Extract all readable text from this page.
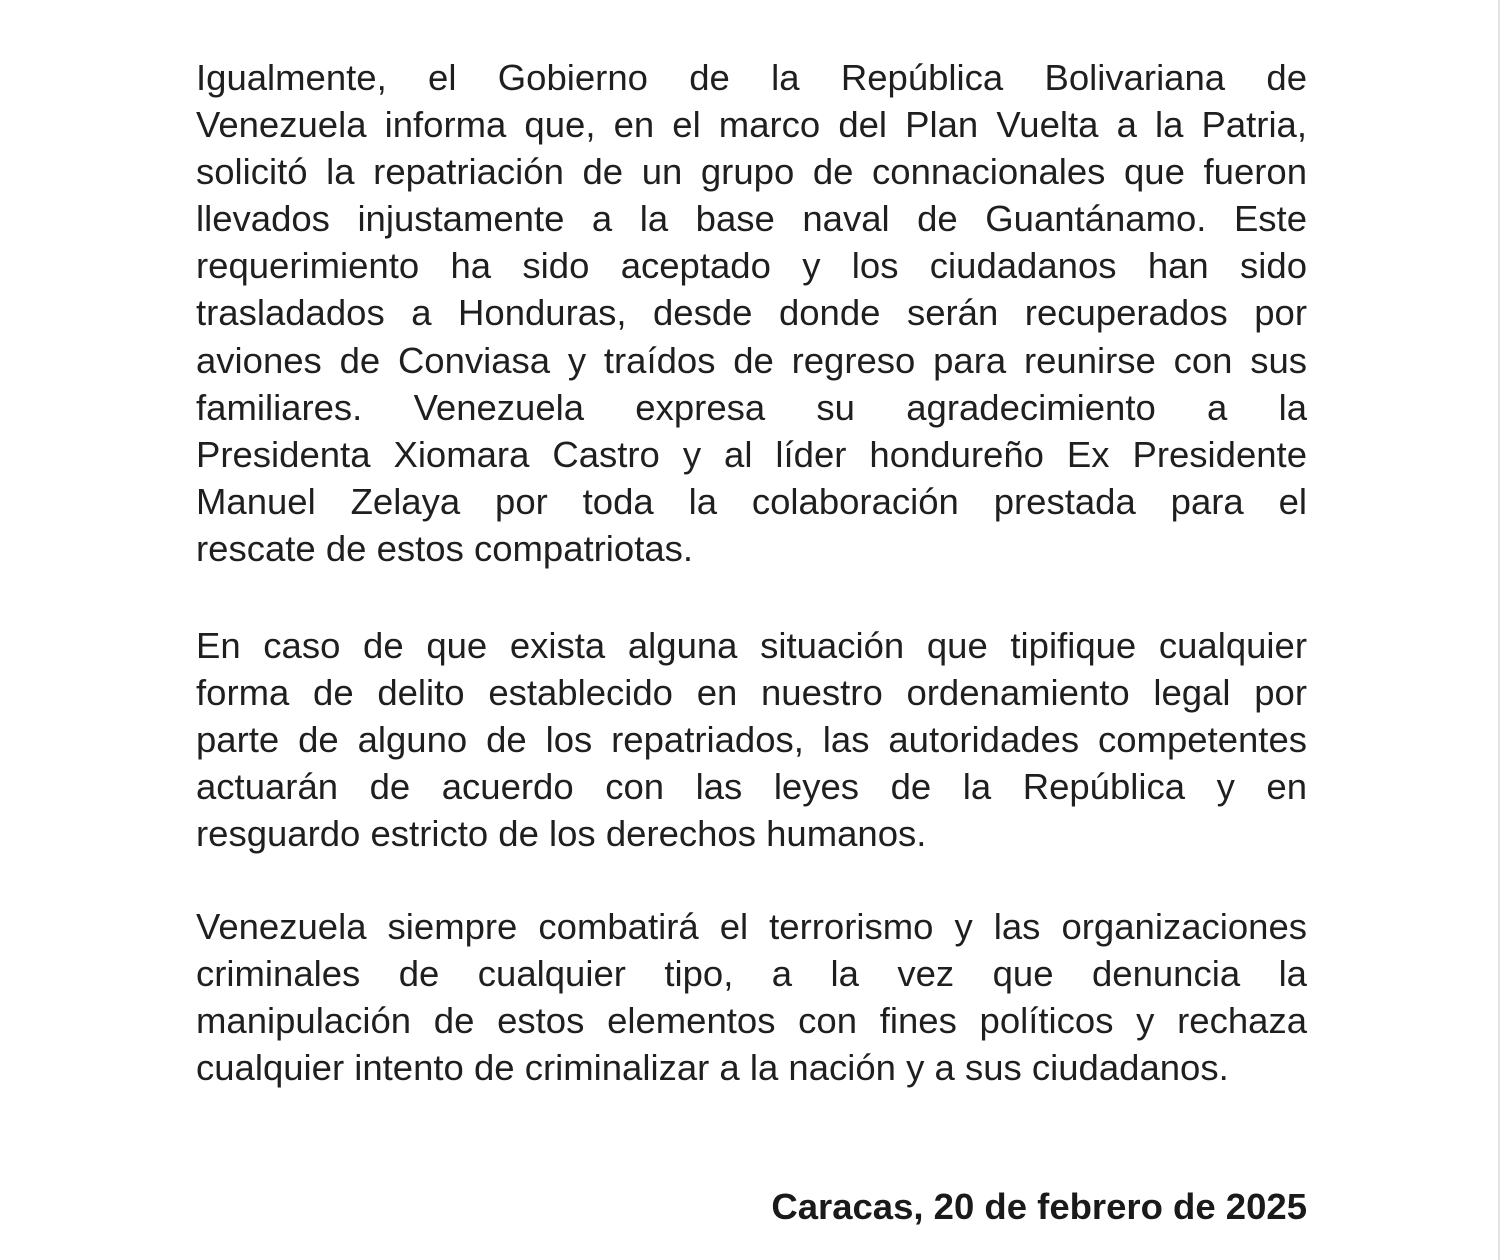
Igualmente, el Gobierno de la República Bolivariana de
Venezuela informa que, en el marco del Plan Vuelta a la Patria,
solicitó la repatriación de un grupo de connacionales que fueron
llevados injustamente a la base naval de Guantánamo. Este
requerimiento ha sido aceptado y los ciudadanos han sido
trasladados a Honduras, desde donde serán recuperados por
aviones de Conviasa y traídos de regreso para reunirse con sus
familiares. Venezuela expresa su agradecimiento a la
Presidenta Xiomara Castro y al líder hondureño Ex Presidente
Manuel Zelaya por toda la colaboración prestada para el
rescate de estos compatriotas.
En caso de que exista alguna situación que tipifique cualquier
forma de delito establecido en nuestro ordenamiento legal por
parte de alguno de los repatriados, las autoridades competentes
actuarán de acuerdo con las leyes de la República y en
resguardo estricto de los derechos humanos.
Venezuela siempre combatirá el terrorismo y las organizaciones
criminales de cualquier tipo, a la vez que denuncia la
manipulación de estos elementos con fines políticos y rechaza
cualquier intento de criminalizar a la nación y a sus ciudadanos.
Caracas, 20 de febrero de 2025
